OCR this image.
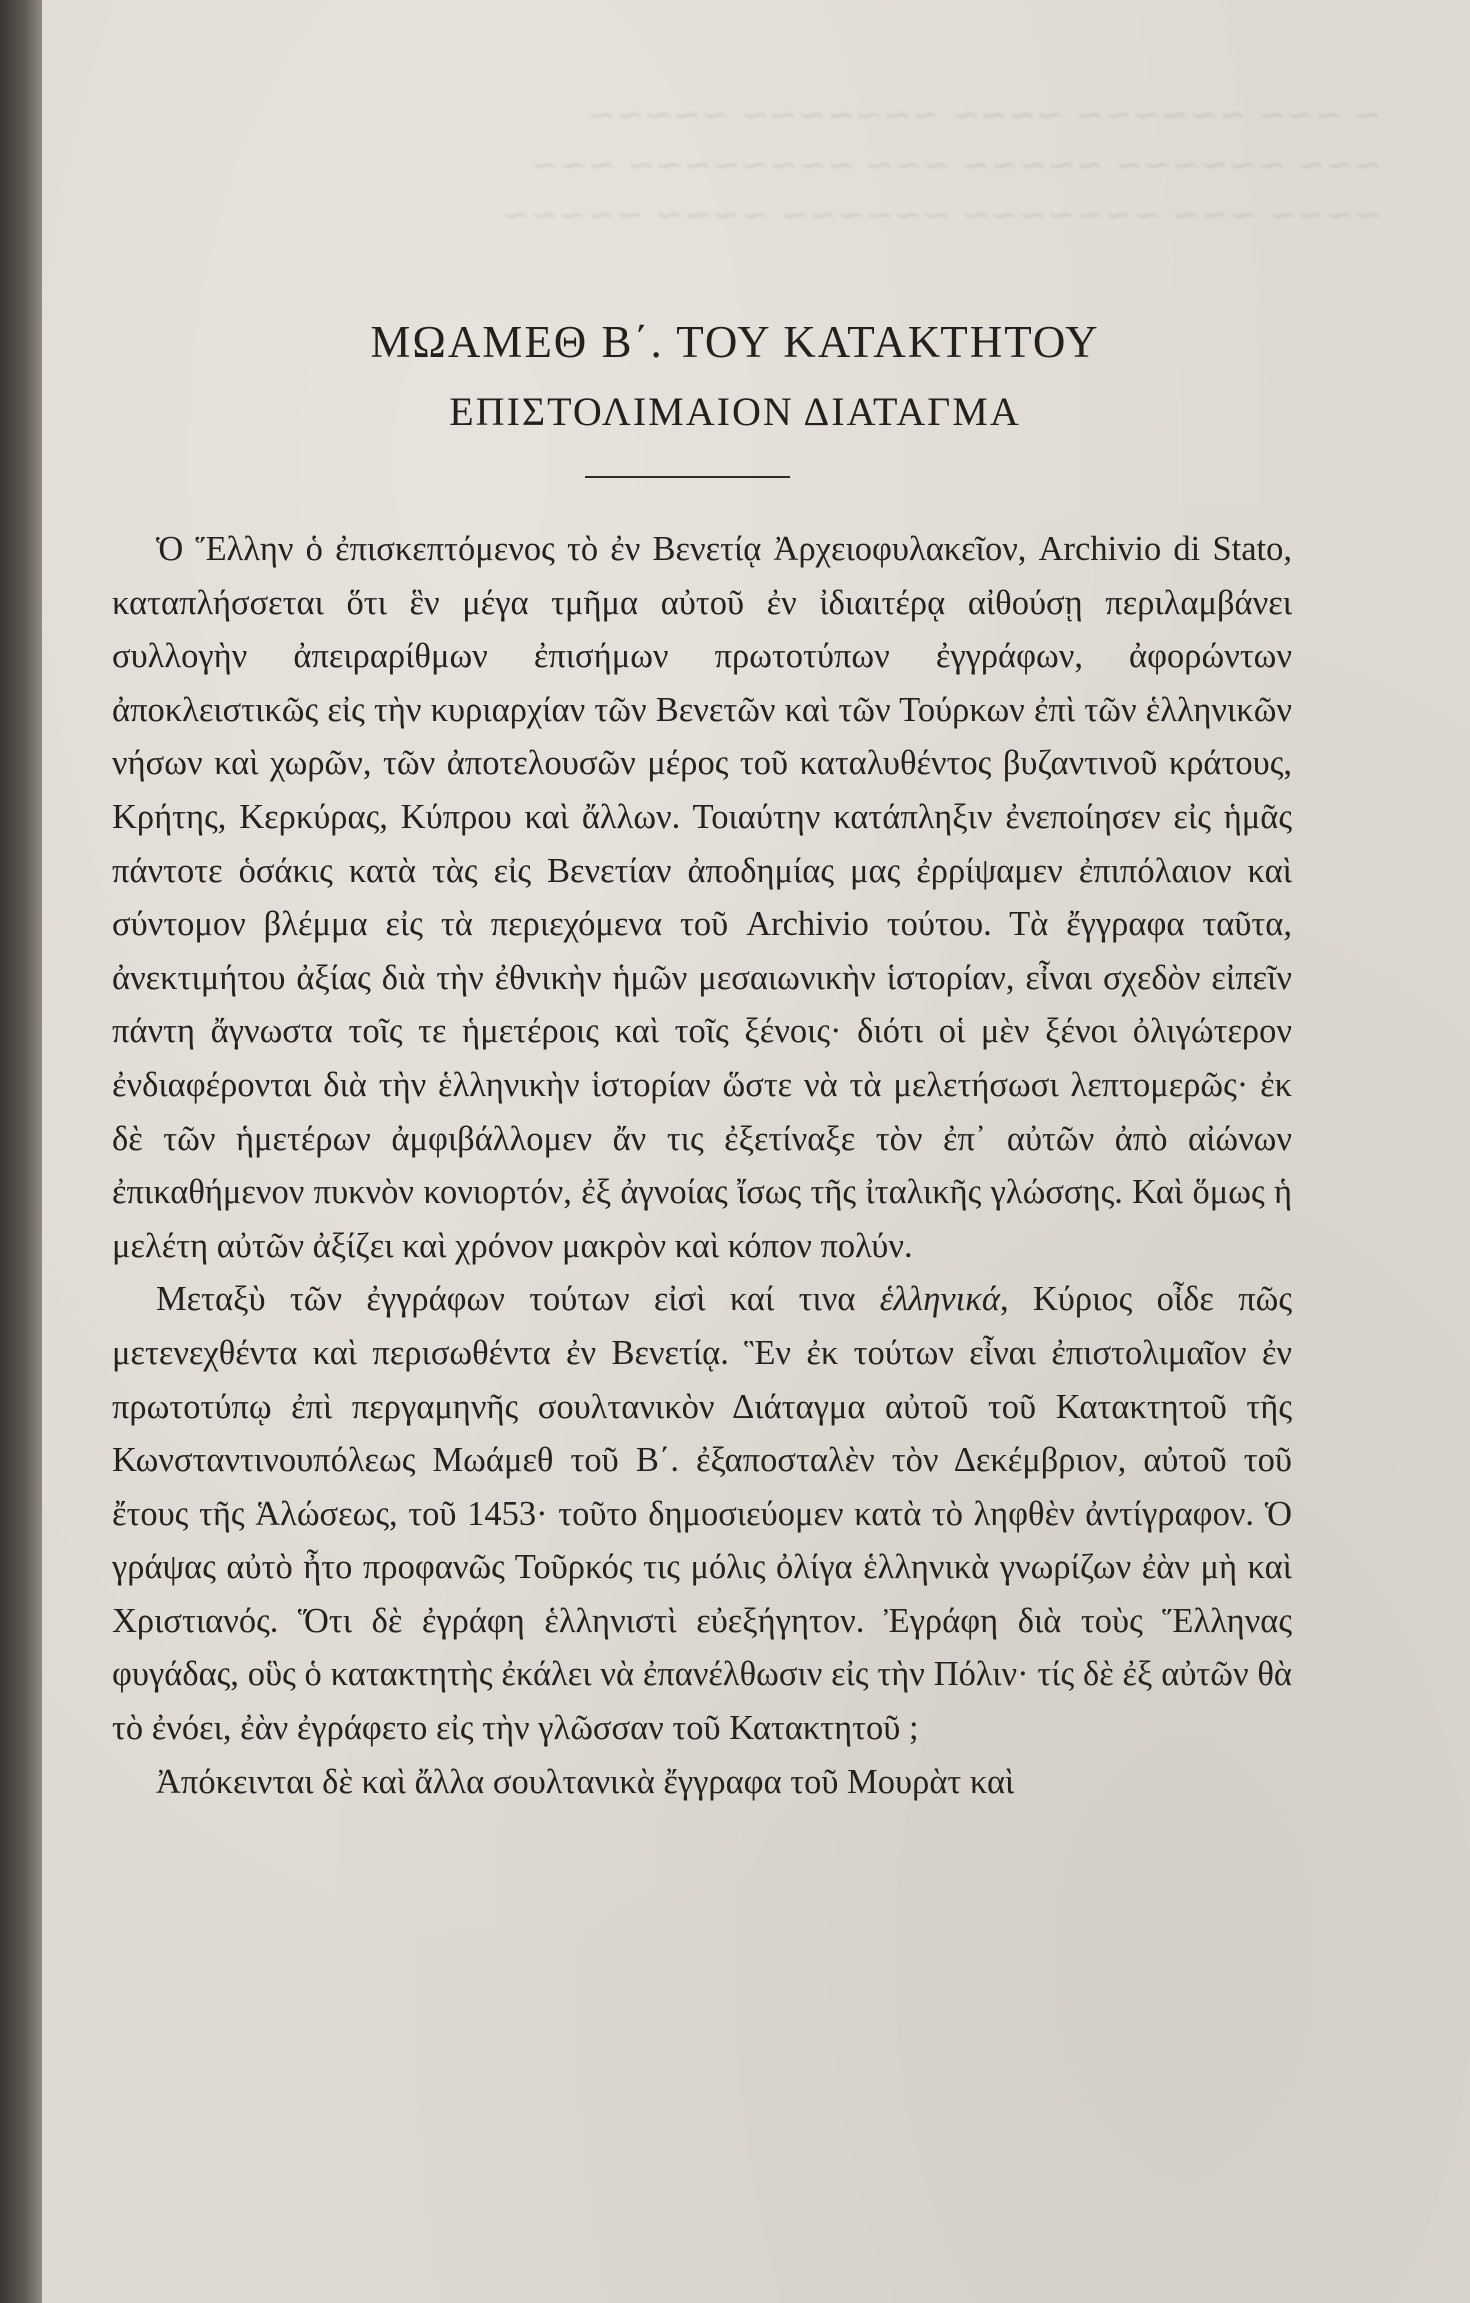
~ ~~~ ~~~~~~ ~~~~ ~~~~~~~ ~~~~~
~~~ ~~~~~~ ~~~~~ ~~~ ~~~~~~~~ ~~~
~~~~ ~~~ ~~~~~~~ ~~~~~~ ~~~~ ~~~~~
ΜΩΑΜΕΘ Β΄. ΤΟΥ ΚΑΤΑΚΤΗΤΟΥ
ΕΠΙΣΤΟΛΙΜΑΙΟΝ ΔΙΑΤΑΓΜΑ

Ὁ Ἕλλην ὁ ἐπισκεπτόμενος τὸ ἐν Βενετίᾳ Ἀρχειοφυλακεῖον, Archivio di Stato, καταπλήσσεται ὅτι ἓν μέγα τμῆμα αὐτοῦ ἐν ἰδιαιτέρᾳ αἰθούσῃ περιλαμβάνει συλλογὴν ἀπειραρίθμων ἐπισήμων πρωτοτύπων ἐγγράφων, ἀφορώντων ἀποκλειστικῶς εἰς τὴν κυριαρχίαν τῶν Βενετῶν καὶ τῶν Τούρκων ἐπὶ τῶν ἑλληνικῶν νήσων καὶ χωρῶν, τῶν ἀποτελουσῶν μέρος τοῦ καταλυθέντος βυζαντινοῦ κράτους, Κρήτης, Κερκύρας, Κύπρου καὶ ἄλλων. Τοιαύτην κατάπληξιν ἐνεποίησεν εἰς ἡμᾶς πάντοτε ὁσάκις κατὰ τὰς εἰς Βενετίαν ἀποδημίας μας ἐρρίψαμεν ἐπιπόλαιον καὶ σύντομον βλέμμα εἰς τὰ περιεχόμενα τοῦ Archivio τούτου. Τὰ ἔγγραφα ταῦτα, ἀνεκτιμήτου ἀξίας διὰ τὴν ἐθνικὴν ἡμῶν μεσαιωνικὴν ἱστορίαν, εἶναι σχεδὸν εἰπεῖν πάντη ἄγνωστα τοῖς τε ἡμετέροις καὶ τοῖς ξένοις· διότι οἱ μὲν ξένοι ὀλιγώτερον ἐνδιαφέρονται διὰ τὴν ἑλληνικὴν ἱστορίαν ὥστε νὰ τὰ μελετήσωσι λεπτομερῶς· ἐκ δὲ τῶν ἡμετέρων ἀμφιβάλλομεν ἄν τις ἐξετίναξε τὸν ἐπ᾽ αὐτῶν ἀπὸ αἰώνων ἐπικαθήμενον πυκνὸν κονιορτόν, ἐξ ἀγνοίας ἴσως τῆς ἰταλικῆς γλώσσης. Καὶ ὅμως ἡ μελέτη αὐτῶν ἀξίζει καὶ χρόνον μακρὸν καὶ κόπον πολύν.

Μεταξὺ τῶν ἐγγράφων τούτων εἰσὶ καί τινα ἑλληνικά, Κύριος οἶδε πῶς μετενεχθέντα καὶ περισωθέντα ἐν Βενετίᾳ. Ἓν ἐκ τούτων εἶναι ἐπιστολιμαῖον ἐν πρωτοτύπῳ ἐπὶ περγαμηνῆς σουλτανικὸν Διάταγμα αὐτοῦ τοῦ Κατακτητοῦ τῆς Κωνσταντινουπόλεως Μωάμεθ τοῦ Β΄. ἐξαποσταλὲν τὸν Δεκέμβριον, αὐτοῦ τοῦ ἔτους τῆς Ἁλώσεως, τοῦ 1453· τοῦτο δημοσιεύομεν κατὰ τὸ ληφθὲν ἀντίγραφον. Ὁ γράψας αὐτὸ ἦτο προφανῶς Τοῦρκός τις μόλις ὀλίγα ἑλληνικὰ γνωρίζων ἐὰν μὴ καὶ Χριστιανός. Ὅτι δὲ ἐγράφη ἑλληνιστὶ εὐεξήγητον. Ἐγράφη διὰ τοὺς Ἕλληνας φυγάδας, οὓς ὁ κατακτητὴς ἐκάλει νὰ ἐπανέλθωσιν εἰς τὴν Πόλιν· τίς δὲ ἐξ αὐτῶν θὰ τὸ ἐνόει, ἐὰν ἐγράφετο εἰς τὴν γλῶσσαν τοῦ Κατακτητοῦ ;

Ἀπόκεινται δὲ καὶ ἄλλα σουλτανικὰ ἔγγραφα τοῦ Μουρὰτ καὶ
